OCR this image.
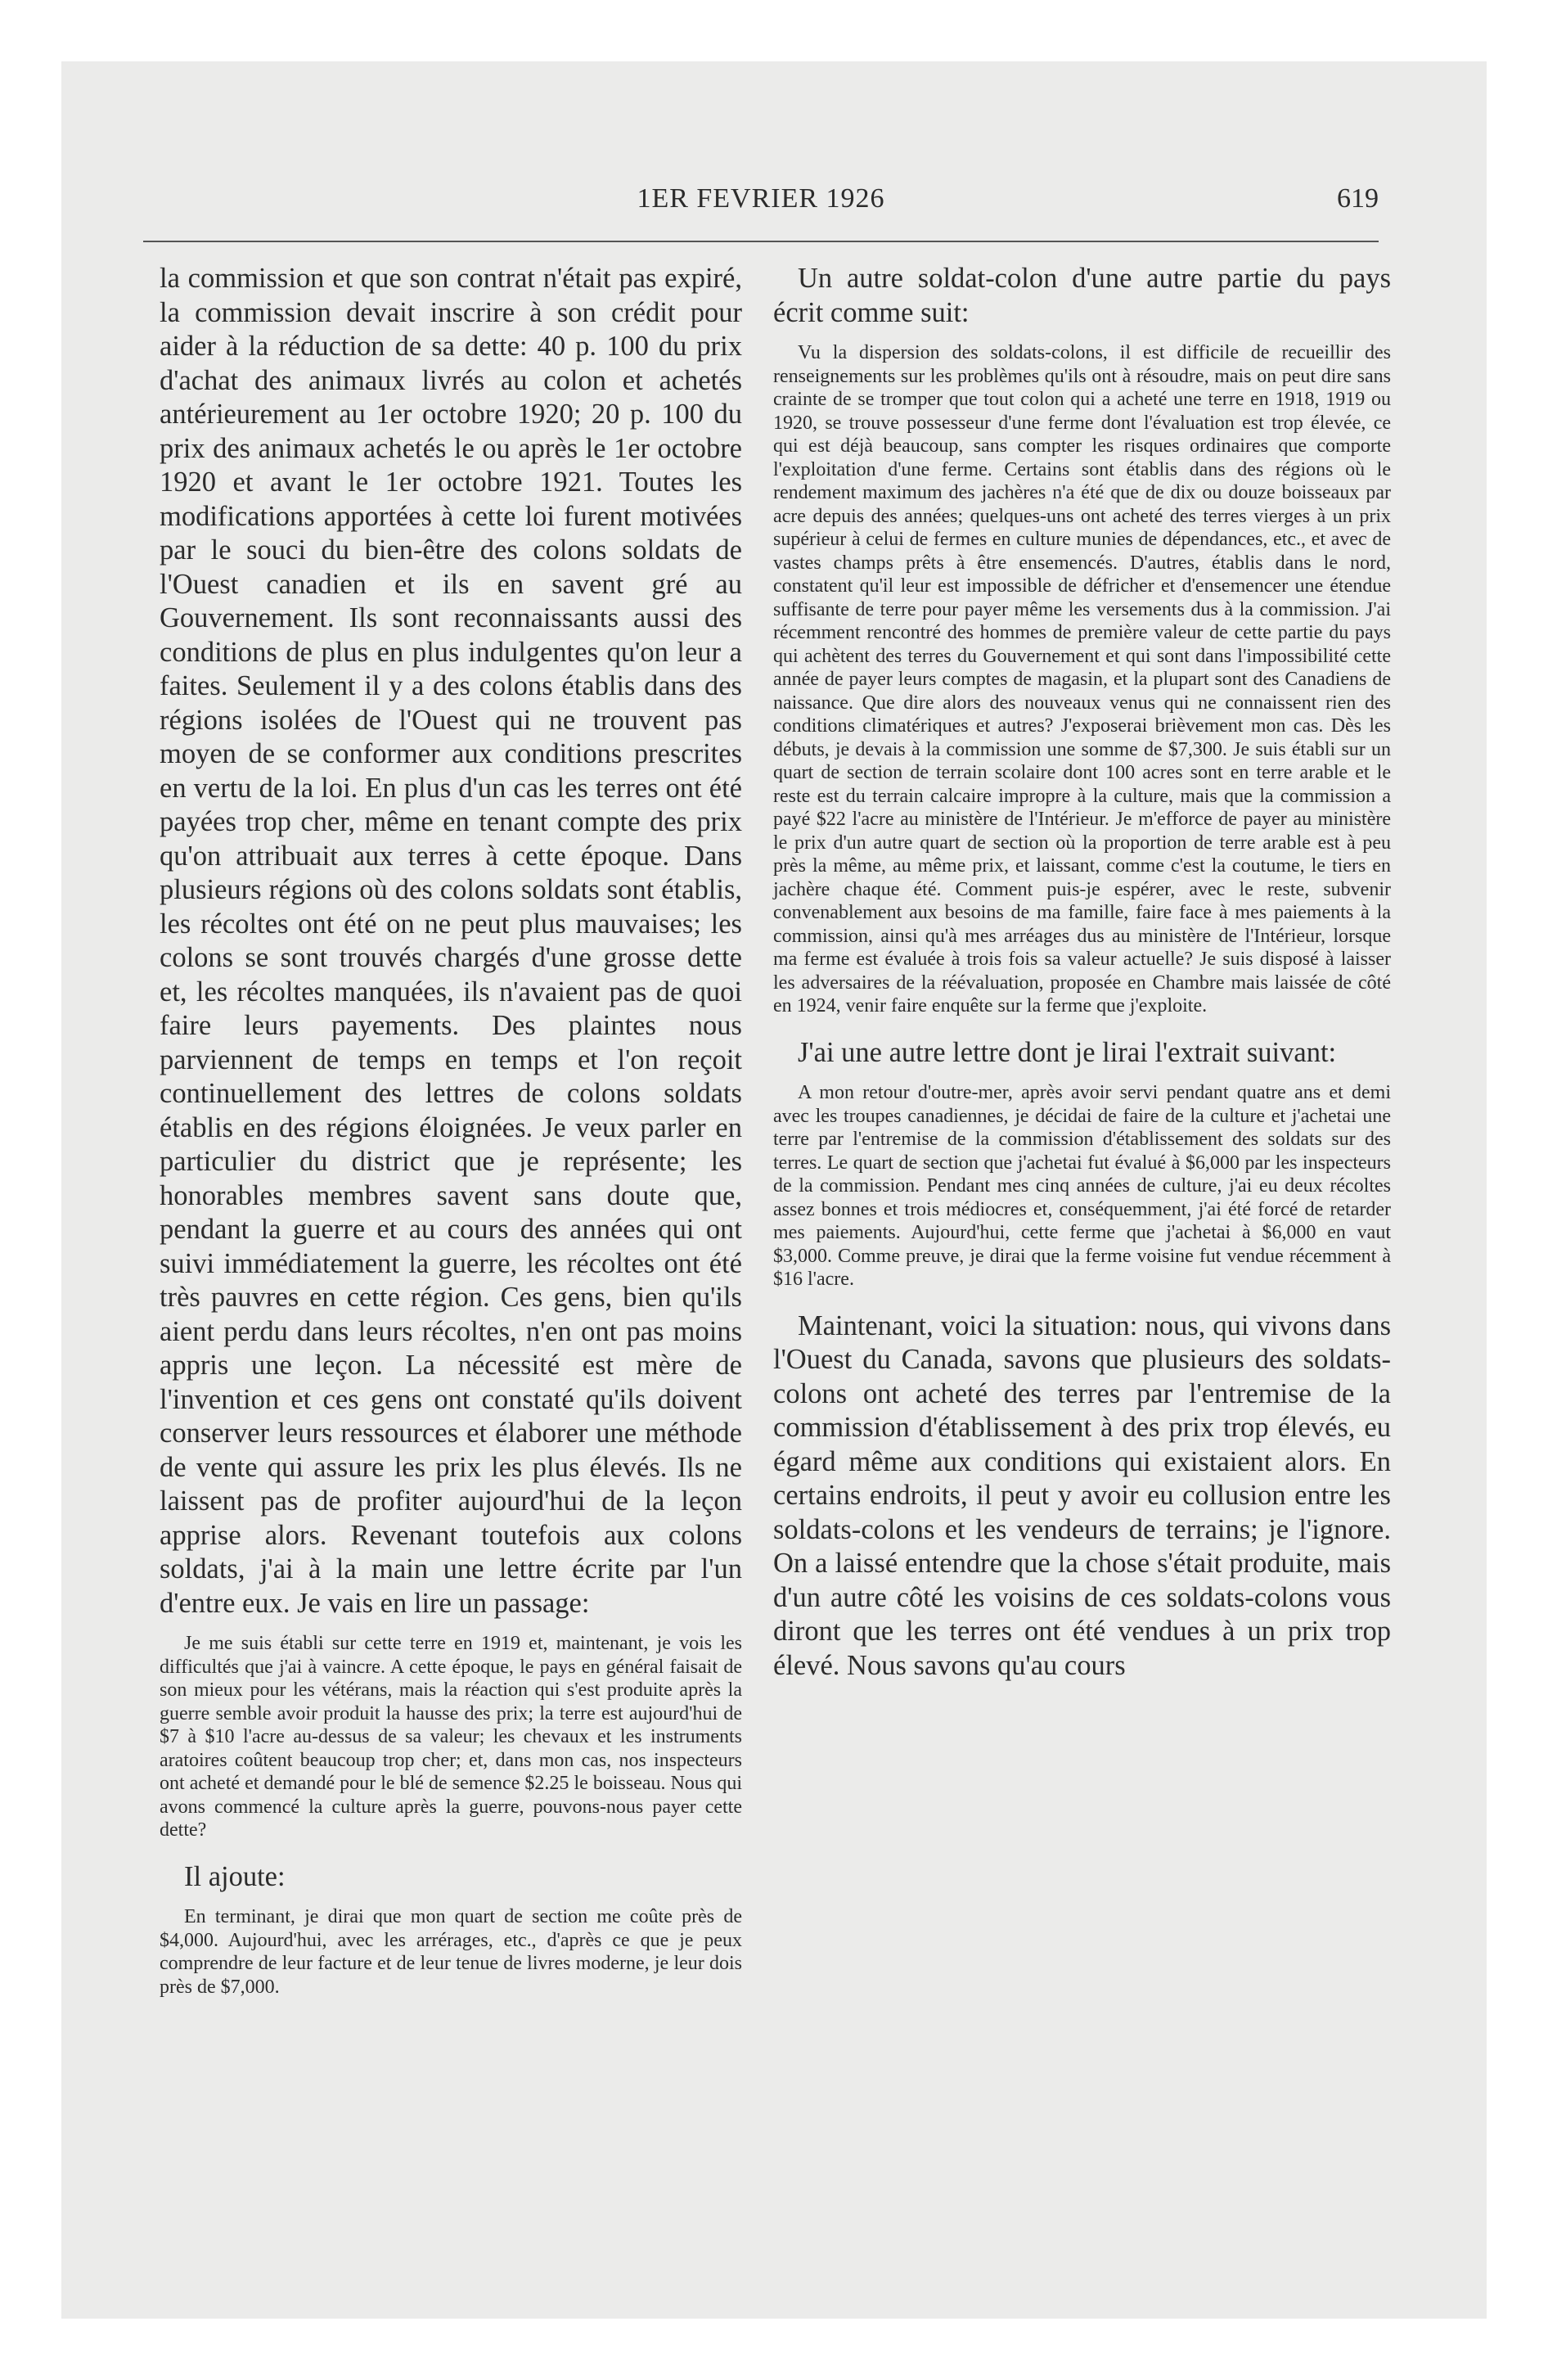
1ER FEVRIER 1926	619

la commission et que son contrat n'était pas expiré, la commission devait inscrire à son crédit pour aider à la réduction de sa dette: 40 p. 100 du prix d'achat des animaux livrés au colon et achetés antérieurement au 1er octobre 1920; 20 p. 100 du prix des animaux achetés le ou après le 1er octobre 1920 et avant le 1er octobre 1921. Toutes les modifications apportées à cette loi furent motivées par le souci du bien-être des colons soldats de l'Ouest canadien et ils en savent gré au Gouvernement. Ils sont reconnaissants aussi des conditions de plus en plus indulgentes qu'on leur a faites. Seulement il y a des colons établis dans des régions isolées de l'Ouest qui ne trouvent pas moyen de se conformer aux conditions prescrites en vertu de la loi. En plus d'un cas les terres ont été payées trop cher, même en tenant compte des prix qu'on attribuait aux terres à cette époque. Dans plusieurs régions où des colons soldats sont établis, les récoltes ont été on ne peut plus mauvaises; les colons se sont trouvés chargés d'une grosse dette et, les récoltes manquées, ils n'avaient pas de quoi faire leurs payements. Des plaintes nous parviennent de temps en temps et l'on reçoit continuellement des lettres de colons soldats établis en des régions éloignées. Je veux parler en particulier du district que je représente; les honorables membres savent sans doute que, pendant la guerre et au cours des années qui ont suivi immédiatement la guerre, les récoltes ont été très pauvres en cette région. Ces gens, bien qu'ils aient perdu dans leurs récoltes, n'en ont pas moins appris une leçon. La nécessité est mère de l'invention et ces gens ont constaté qu'ils doivent conserver leurs ressources et élaborer une méthode de vente qui assure les prix les plus élevés. Ils ne laissent pas de profiter aujourd'hui de la leçon apprise alors. Revenant toutefois aux colons soldats, j'ai à la main une lettre écrite par l'un d'entre eux. Je vais en lire un passage:

Je me suis établi sur cette terre en 1919 et, maintenant, je vois les difficultés que j'ai à vaincre. A cette époque, le pays en général faisait de son mieux pour les vétérans, mais la réaction qui s'est produite après la guerre semble avoir produit la hausse des prix; la terre est aujourd'hui de $7 à $10 l'acre au-dessus de sa valeur; les chevaux et les instruments aratoires coûtent beaucoup trop cher; et, dans mon cas, nos inspecteurs ont acheté et demandé pour le blé de semence $2.25 le boisseau. Nous qui avons commencé la culture après la guerre, pouvons-nous payer cette dette?

Il ajoute:

En terminant, je dirai que mon quart de section me coûte près de $4,000. Aujourd'hui, avec les arrérages, etc., d'après ce que je peux comprendre de leur facture et de leur tenue de livres moderne, je leur dois près de $7,000.

Un autre soldat-colon d'une autre partie du pays écrit comme suit:

Vu la dispersion des soldats-colons, il est difficile de recueillir des renseignements sur les problèmes qu'ils ont à résoudre, mais on peut dire sans crainte de se tromper que tout colon qui a acheté une terre en 1918, 1919 ou 1920, se trouve possesseur d'une ferme dont l'évaluation est trop élevée, ce qui est déjà beaucoup, sans compter les risques ordinaires que comporte l'exploitation d'une ferme. Certains sont établis dans des régions où le rendement maximum des jachères n'a été que de dix ou douze boisseaux par acre depuis des années; quelques-uns ont acheté des terres vierges à un prix supérieur à celui de fermes en culture munies de dépendances, etc., et avec de vastes champs prêts à être ensemencés. D'autres, établis dans le nord, constatent qu'il leur est impossible de défricher et d'ensemencer une étendue suffisante de terre pour payer même les versements dus à la commission. J'ai récemment rencontré des hommes de première valeur de cette partie du pays qui achètent des terres du Gouvernement et qui sont dans l'impossibilité cette année de payer leurs comptes de magasin, et la plupart sont des Canadiens de naissance. Que dire alors des nouveaux venus qui ne connaissent rien des conditions climatériques et autres? J'exposerai brièvement mon cas. Dès les débuts, je devais à la commission une somme de $7,300. Je suis établi sur un quart de section de terrain scolaire dont 100 acres sont en terre arable et le reste est du terrain calcaire impropre à la culture, mais que la commission a payé $22 l'acre au ministère de l'Intérieur. Je m'efforce de payer au ministère le prix d'un autre quart de section où la proportion de terre arable est à peu près la même, au même prix, et laissant, comme c'est la coutume, le tiers en jachère chaque été. Comment puis-je espérer, avec le reste, subvenir convenablement aux besoins de ma famille, faire face à mes paiements à la commission, ainsi qu'à mes arréages dus au ministère de l'Intérieur, lorsque ma ferme est évaluée à trois fois sa valeur actuelle? Je suis disposé à laisser les adversaires de la réévaluation, proposée en Chambre mais laissée de côté en 1924, venir faire enquête sur la ferme que j'exploite.

J'ai une autre lettre dont je lirai l'extrait suivant:

A mon retour d'outre-mer, après avoir servi pendant quatre ans et demi avec les troupes canadiennes, je décidai de faire de la culture et j'achetai une terre par l'entremise de la commission d'établissement des soldats sur des terres. Le quart de section que j'achetai fut évalué à $6,000 par les inspecteurs de la commission. Pendant mes cinq années de culture, j'ai eu deux récoltes assez bonnes et trois médiocres et, conséquemment, j'ai été forcé de retarder mes paiements. Aujourd'hui, cette ferme que j'achetai à $6,000 en vaut $3,000. Comme preuve, je dirai que la ferme voisine fut vendue récemment à $16 l'acre.

Maintenant, voici la situation: nous, qui vivons dans l'Ouest du Canada, savons que plusieurs des soldats-colons ont acheté des terres par l'entremise de la commission d'établissement à des prix trop élevés, eu égard même aux conditions qui existaient alors. En certains endroits, il peut y avoir eu collusion entre les soldats-colons et les vendeurs de terrains; je l'ignore. On a laissé entendre que la chose s'était produite, mais d'un autre côté les voisins de ces soldats-colons vous diront que les terres ont été vendues à un prix trop élevé. Nous savons qu'au cours
